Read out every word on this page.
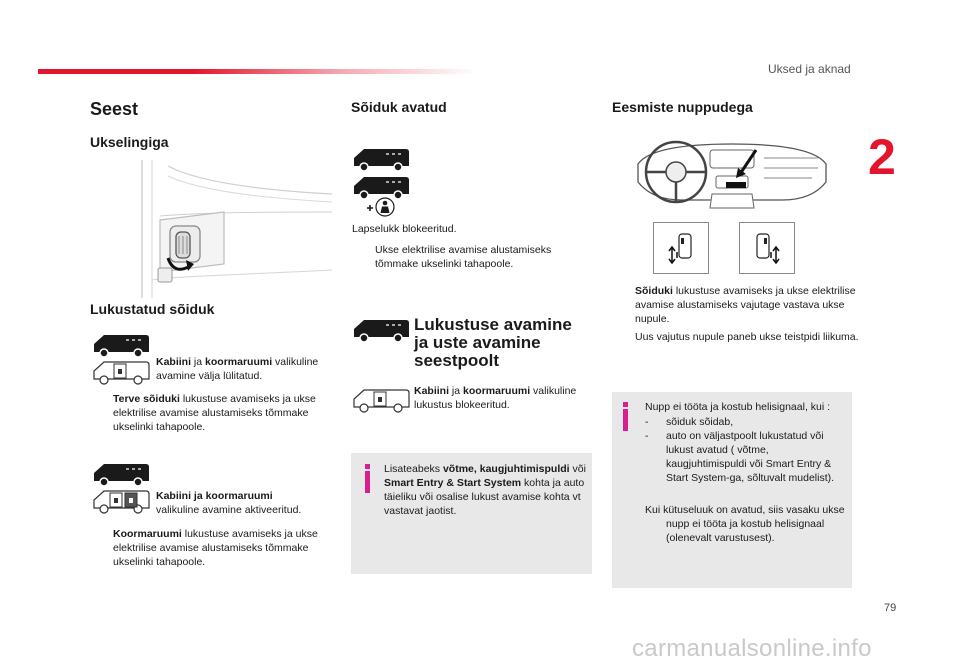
Uksed ja aknad
2
Seest
Ukselingiga
Lukustatud sõiduk
Kabiini ja koormaruumi valikuline avamine välja lülitatud.
Terve sõiduki lukustuse avamiseks ja ukse elektrilise avamise alustamiseks tõmmake ukselinki tahapoole.
Kabiini ja koormaruumi
valikuline avamine aktiveeritud.
Koormaruumi lukustuse avamiseks ja ukse elektrilise avamise alustamiseks tõmmake ukselinki tahapoole.
Sõiduk avatud
Lapselukk blokeeritud.
Ukse elektrilise avamise alustamiseks tõmmake ukselinki tahapoole.
Lukustuse avamine ja uste avamine seestpoolt
Kabiini ja koormaruumi valikuline lukustus blokeeritud.
Lisateabeks võtme, kaugjuhtimispuldi või Smart Entry & Start System kohta ja auto täieliku või osalise lukust avamise kohta vt vastavat jaotist.
Eesmiste nuppudega
Sõiduki lukustuse avamiseks ja ukse elektrilise avamise alustamiseks vajutage vastava ukse nupule.
Uus vajutus nupule paneb ukse teistpidi liikuma.
Nupp ei tööta ja kostub helisignaal, kui :
- sõiduk sõidab,
- auto on väljastpoolt lukustatud või lukust avatud ( võtme, kaugjuhtimispuldi või Smart Entry & Start System-ga, sõltuvalt mudelist).
Kui kütuseluuk on avatud, siis vasaku ukse nupp ei tööta ja kostub helisignaal (olenevalt varustusest).
79
carmanualsonline.info
